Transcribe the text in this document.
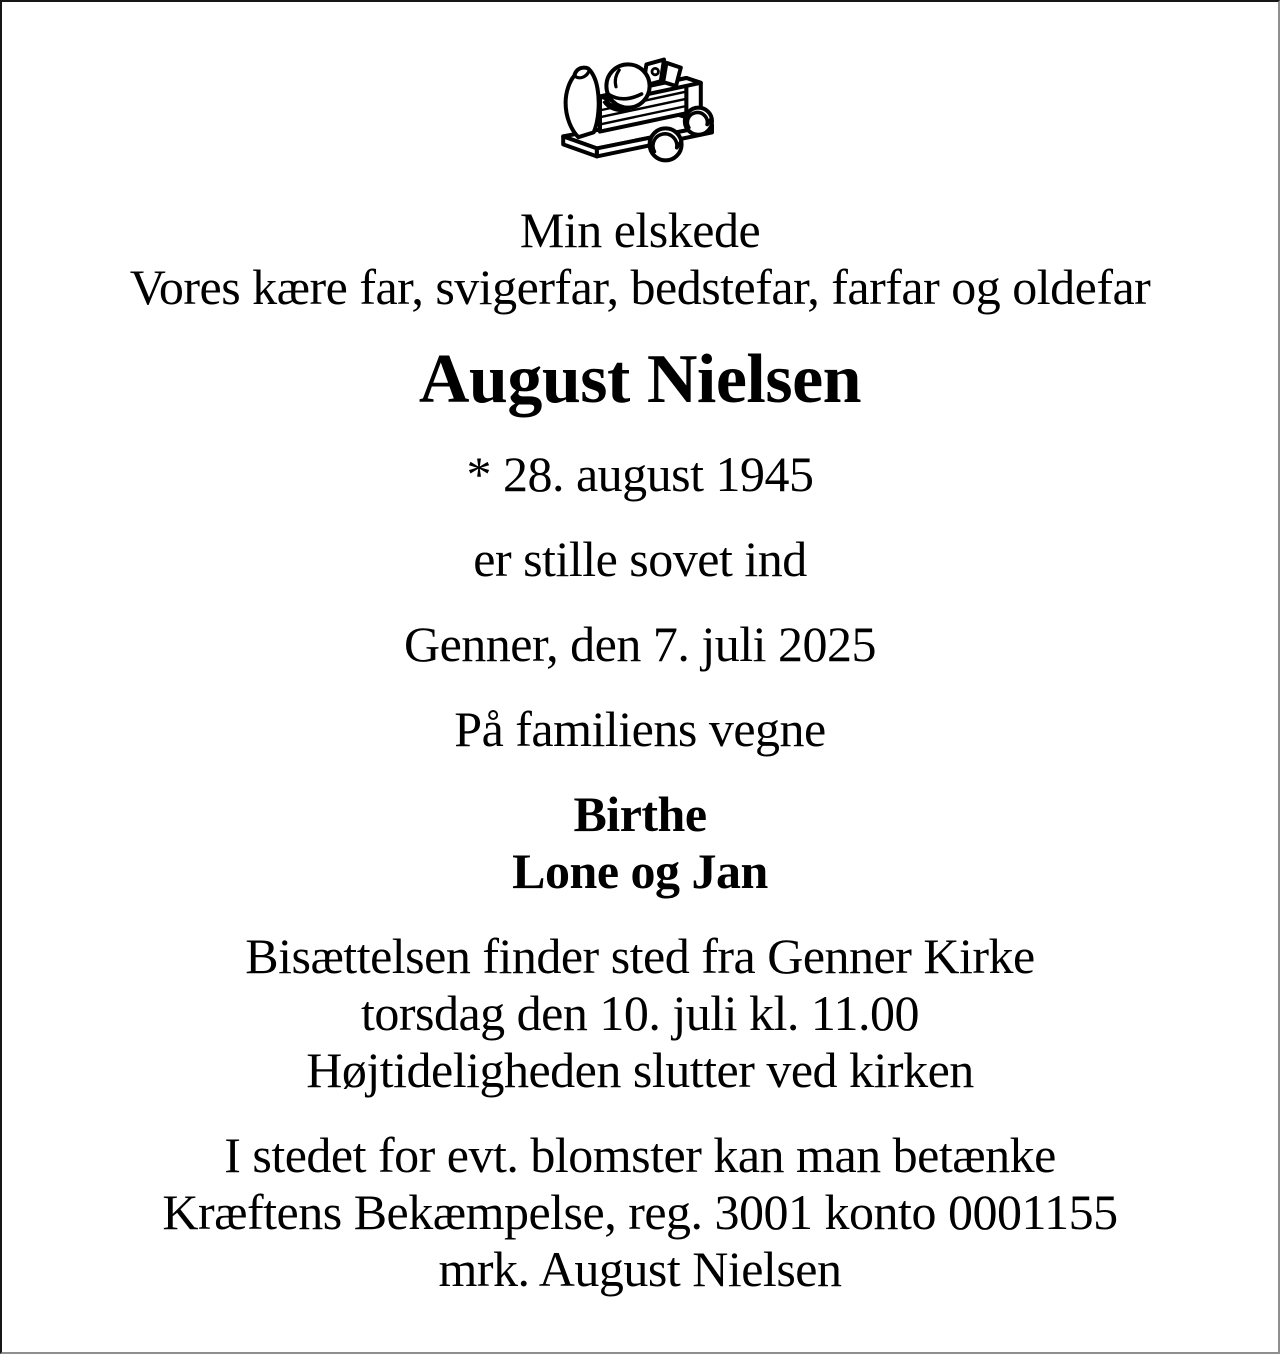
Min elskede
Vores kære far, svigerfar, bedstefar, farfar og oldefar

August Nielsen

* 28. august 1945

er stille sovet ind

Genner, den 7. juli 2025

På familiens vegne

Birthe
Lone og Jan

Bisættelsen finder sted fra Genner Kirke
torsdag den 10. juli kl. 11.00
Højtideligheden slutter ved kirken

I stedet for evt. blomster kan man betænke
Kræftens Bekæmpelse, reg. 3001 konto 0001155
mrk. August Nielsen
